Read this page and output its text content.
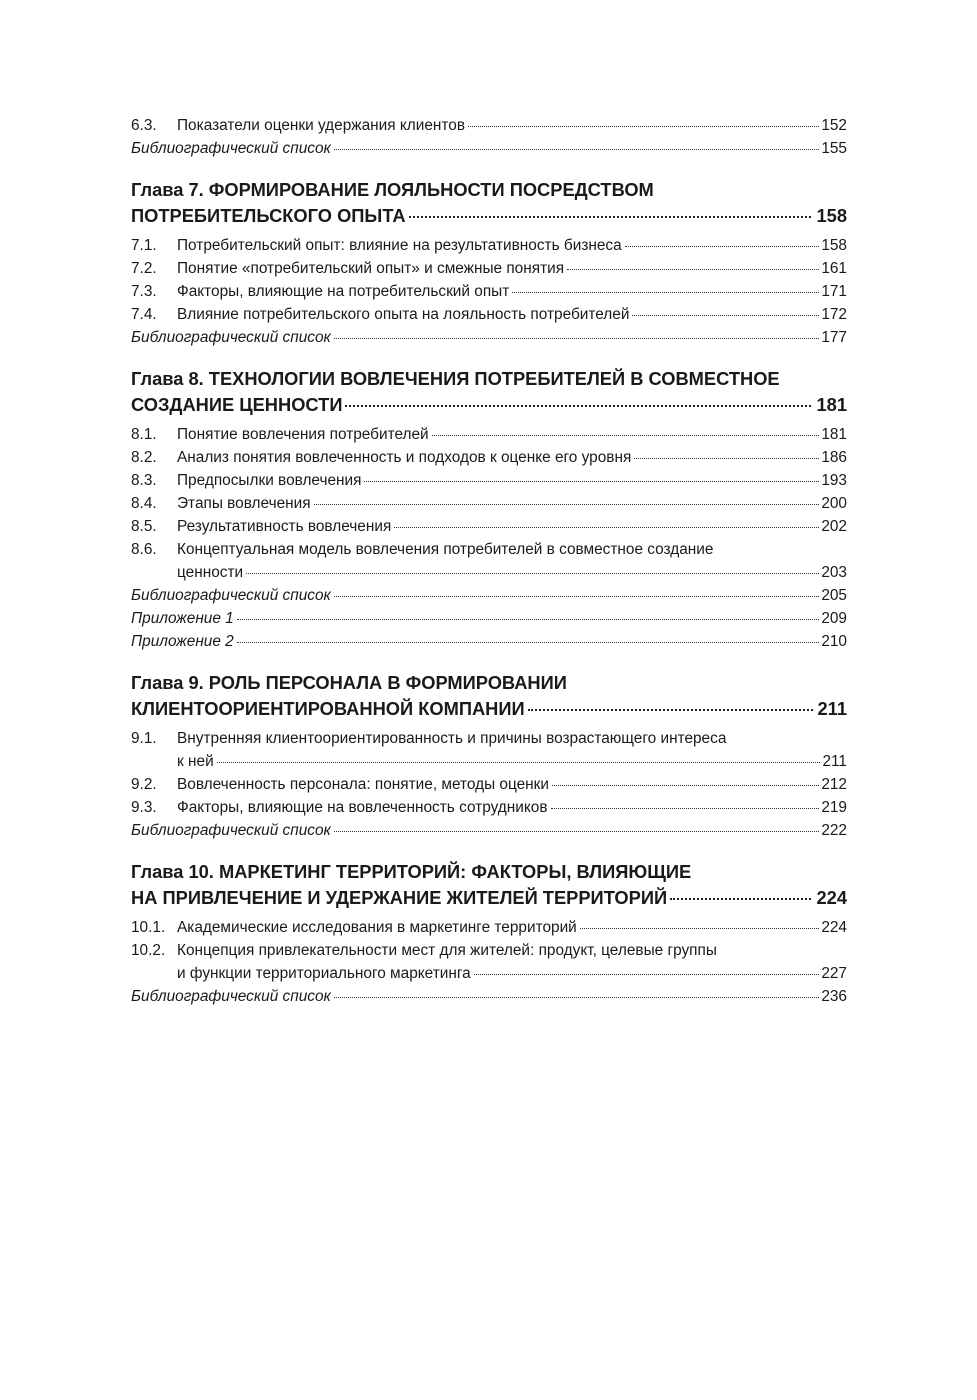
6.3.	Показатели оценки удержания клиентов	152
Библиографический список	155
Глава 7. ФОРМИРОВАНИЕ ЛОЯЛЬНОСТИ ПОСРЕДСТВОМ
ПОТРЕБИТЕЛЬСКОГО ОПЫТА	158
7.1.	Потребительский опыт: влияние на результативность бизнеса	158
7.2.	Понятие «потребительский опыт» и смежные понятия	161
7.3.	Факторы, влияющие на потребительский опыт	171
7.4.	Влияние потребительского опыта на лояльность потребителей	172
Библиографический список	177
Глава 8. ТЕХНОЛОГИИ ВОВЛЕЧЕНИЯ ПОТРЕБИТЕЛЕЙ В СОВМЕСТНОЕ
СОЗДАНИЕ ЦЕННОСТИ	181
8.1.	Понятие вовлечения потребителей	181
8.2.	Анализ понятия вовлеченность и подходов к оценке его уровня	186
8.3.	Предпосылки вовлечения	193
8.4.	Этапы вовлечения	200
8.5.	Результативность вовлечения	202
8.6.	Концептуальная модель вовлечения потребителей в совместное создание
ценности	203
Библиографический список	205
Приложение 1	209
Приложение 2	210
Глава 9. РОЛЬ ПЕРСОНАЛА В ФОРМИРОВАНИИ
КЛИЕНТООРИЕНТИРОВАННОЙ КОМПАНИИ	211
9.1.	Внутренняя клиентоориентированность и причины возрастающего интереса
к ней	211
9.2.	Вовлеченность персонала: понятие, методы оценки	212
9.3.	Факторы, влияющие на вовлеченность сотрудников	219
Библиографический список	222
Глава 10. МАРКЕТИНГ ТЕРРИТОРИЙ: ФАКТОРЫ, ВЛИЯЮЩИЕ
НА ПРИВЛЕЧЕНИЕ И УДЕРЖАНИЕ ЖИТЕЛЕЙ ТЕРРИТОРИЙ	224
10.1. Академические исследования в маркетинге территорий	224
10.2. Концепция привлекательности мест для жителей: продукт, целевые группы
и функции территориального маркетинга	227
Библиографический список	236
